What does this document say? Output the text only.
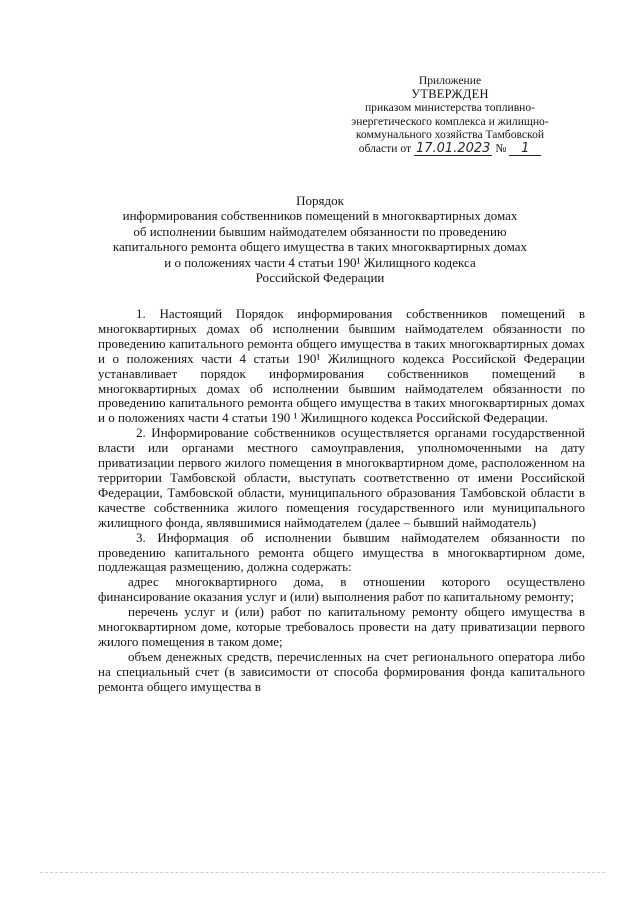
Приложение
УТВЕРЖДЕН
приказом министерства топливно-
энергетического комплекса и жилищно-
коммунального хозяйства Тамбовской
области от 17.01.2023 № 1
Порядок
информирования собственников помещений в многоквартирных домах
об исполнении бывшим наймодателем обязанности по проведению
капитального ремонта общего имущества в таких многоквартирных домах
и о положениях части 4 статьи 190¹ Жилищного кодекса
Российской Федерации

1. Настоящий Порядок информирования собственников помещений в многоквартирных домах об исполнении бывшим наймодателем обязанности по проведению капитального ремонта общего имущества в таких многоквартирных домах и о положениях части 4 статьи 190¹ Жилищного кодекса Российской Федерации устанавливает порядок информирования собственников помещений в многоквартирных домах об исполнении бывшим наймодателем обязанности по проведению капитального ремонта общего имущества в таких многоквартирных домах и о положениях части 4 статьи 190 ¹ Жилищного кодекса Российской Федерации.

2. Информирование собственников осуществляется органами государственной власти или органами местного самоуправления, уполномоченными на дату приватизации первого жилого помещения в многоквартирном доме, расположенном на территории Тамбовской области, выступать соответственно от имени Российской Федерации, Тамбовской области, муниципального образования Тамбовской области в качестве собственника жилого помещения государственного или муниципального жилищного фонда, являвшимися наймодателем (далее – бывший наймодатель)

3. Информация об исполнении бывшим наймодателем обязанности по проведению капитального ремонта общего имущества в многоквартирном доме, подлежащая размещению, должна содержать:

адрес многоквартирного дома, в отношении которого осуществлено финансирование оказания услуг и (или) выполнения работ по капитальному ремонту;

перечень услуг и (или) работ по капитальному ремонту общего имущества в многоквартирном доме, которые требовалось провести на дату приватизации первого жилого помещения в таком доме;

объем денежных средств, перечисленных на счет регионального оператора либо на специальный счет (в зависимости от способа формирования фонда капитального ремонта общего имущества в
